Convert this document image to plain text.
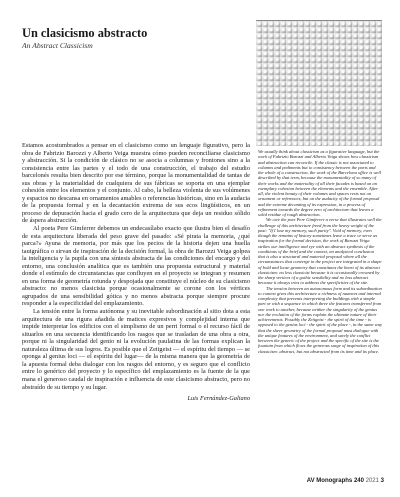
Un clasicismo abstracto
An Abstract Classicism

Estamos acostumbrados a pensar en el clasicismo como un lenguaje figurativo, pero la obra de Fabrizio Barozzi y Alberto Veiga muestra cómo pueden reconciliarse clasicismo y abstracción. Si la condición de clásico no se asocia a columnas y frontones sino a la consistencia entre las partes y el todo de una construcción, el trabajo del estudio barcelonés resulta bien descrito por ese término, porque la monumentalidad de tantas de sus obras y la materialidad de cualquiera de sus fábricas se soporta en una ejemplar cohesión entre los elementos y el conjunto. Al cabo, la belleza violenta de sus volúmenes y espacios no descansa en ornamentos amables o referencias históricas, sino en la audacia de la propuesta formal y en la decantación extrema de sus ecos lingüísticos, en un proceso de depuración hacia el grado cero de la arquitectura que deja un residuo sólido de áspera abstracción.

Al poeta Pere Gimferrer debemos un endecasílabo exacto que ilustra bien el desafío de esta arquitectura liberada del peso grave del pasado: «Sé pirata la memoria, ¿qué parca?» Ayuna de memoria, por más que los pecios de la historia dejen una huella tauigráfica o sirvan de inspiración de la decisión formal, la obra de Barozzi Veiga golpea la inteligencia y la pupila con una síntesis abstracta de las condiciones del encargo y del entorno, una conclusión analítica que es también una propuesta estructural y material donde el estímulo de circunstancias que confluyen en el proyecto se integran y resumen en una forma de geometría rotunda y despojada que constituye el núcleo de su clasicismo abstracto: no menos clasicista porque ocasionalmente se corone con los vértices agrupados de una sensibilidad gótica y no menos abstracta porque siempre procure responder a la especificidad del emplazamiento.

La tensión entre la forma autónoma y su inevitable subordinación al sitio dota a esta arquitectura de una rigura añadida de matices expresivos y complejidad interna que impide interpretar los edificios con el simplismo de un perri formal o el recurso fácil de situarlos en una secuencia identificando los rasgos que se trasladan de una obra a otra, porque ni la singularidad del genio ni la evolución paulatina de las formas explican la naturaleza última de sus logros. Es posible que el Zeitgeist — el espíritu del tiempo — se oponga al genius loci — el espíritu del lugar— de la misma manera que la geometría de la apuesta formal deba dialogar con los rasgos del entorno, y es seguro que el conflicto entre lo genérico del proyecto y lo específico del emplazamiento es la fuente de la que mana el generoso caudal de inspiración e influencia de este clasicismo abstracto, pero no abstraído de su tiempo y su lugar.

Luis Fernández-Galiano

We usually think about classicism as a figurative language, but the work of Fabrizio Barozzi and Alberto Veiga shows how classicism and abstraction can reconcile. If the classic is not associated to columns and pediments but to consistency between the parts and the whole of a construction, the work of the Barcelona office is well described by that term, because the monumentality of so many of their works and the materiality of all their facades is based on an exemplary cohesion between the elements and the ensemble. After all, the violent beauty of their volumes and spaces rests not on ornament or references, but on the audacity of the formal proposal and the extreme decanting of its expression, in a process of refinement towards the degree zero of architecture that leaves a solid residue of rough abstraction.

We owe the poet Pere Gimferrer a verse that illustrates well the challenge of this architecture freed from the heavy weight of the past: "If I lose my memory, such purity". Void of memory, even though the remains of history sometimes leave a trace or serve as inspiration for the formal decision, the work of Barozzi Veiga strikes our intelligence and eye with an abstract synthesis of the conditions of the brief and the context, an analytical conclusion that is also a structural and material proposal where all the circumstances that converge in the project are integrated in a shape of bold and loose geometry that constitutes the heart of its abstract classicism: no less classicist because it is occasionally crowned by the sharp vertices of a gothic sensibility and no less abstract because it always tries to address the specificities of the site.

The tension between an autonomous form and its subordination to context gives this architecture a richness of nuances and internal complexity that prevents interpreting the buildings with a simple part or with a sequence in which three the features transferred from one work to another, because neither the singularity of the genius nor the evolution of the forms explain the ultimate nature of their achievements. Possibly the Zeitgeist - the spirit of the time - is opposed to the genius loci - the spirit of the place -, in the same way that the sheer geometry of the formal proposal must dialogue with the unique features of the environment, and surely the conflict between the generic of the project and the specific of the site is the fountain from which flows the generous surge of inspiration of this classicism: abstract, but not abstracted from its time and its place.

AV Monographs 240 2021 3
